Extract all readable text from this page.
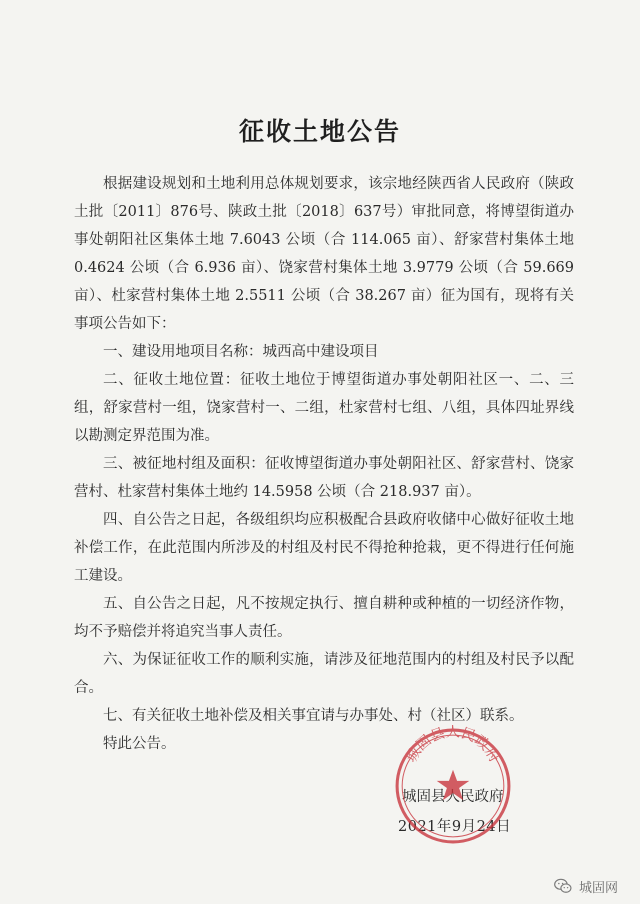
征收土地公告

根据建设规划和土地利用总体规划要求，该宗地经陕西省人民政府（陕政土批〔2011〕876号、陕政土批〔2018〕637号）审批同意，将博望街道办事处朝阳社区集体土地 7.6043 公顷（合 114.065 亩）、舒家营村集体土地 0.4624 公顷（合 6.936 亩）、饶家营村集体土地 3.9779 公顷（合 59.669 亩）、杜家营村集体土地 2.5511 公顷（合 38.267 亩）征为国有，现将有关事项公告如下：

一、建设用地项目名称：城西高中建设项目

二、征收土地位置：征收土地位于博望街道办事处朝阳社区一、二、三组，舒家营村一组，饶家营村一、二组，杜家营村七组、八组，具体四址界线以勘测定界范围为准。

三、被征地村组及面积：征收博望街道办事处朝阳社区、舒家营村、饶家营村、杜家营村集体土地约 14.5958 公顷（合 218.937 亩）。

四、自公告之日起，各级组织均应积极配合县政府收储中心做好征收土地补偿工作，在此范围内所涉及的村组及村民不得抢种抢栽，更不得进行任何施工建设。

五、自公告之日起，凡不按规定执行、擅自耕种或种植的一切经济作物，均不予赔偿并将追究当事人责任。

六、为保证征收工作的顺利实施，请涉及征地范围内的村组及村民予以配合。

七、有关征收土地补偿及相关事宜请与办事处、村（社区）联系。

特此公告。

城固县人民政府
2021年9月24日
城固县人民政府
城固网
